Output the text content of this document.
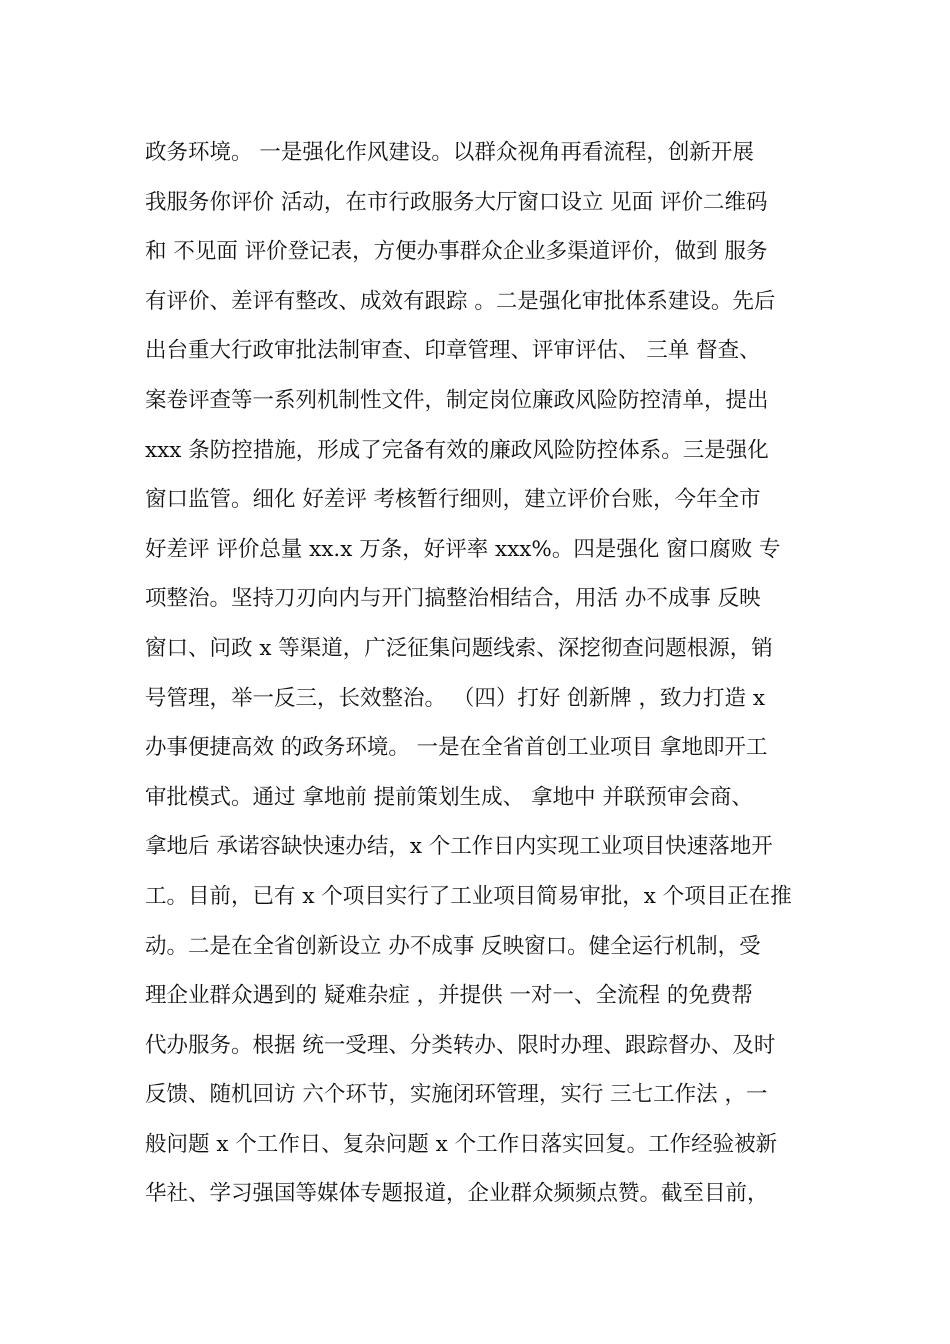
政务环境。 一是强化作风建设。以群众视角再看流程，创新开展
我服务你评价 活动，在市行政服务大厅窗口设立 见面 评价二维码
和 不见面 评价登记表，方便办事群众企业多渠道评价，做到 服务
有评价、差评有整改、成效有跟踪 。二是强化审批体系建设。先后
出台重大行政审批法制审查、印章管理、评审评估、 三单 督查、
案卷评查等一系列机制性文件，制定岗位廉政风险防控清单，提出
xxx 条防控措施，形成了完备有效的廉政风险防控体系。三是强化
窗口监管。细化 好差评 考核暂行细则，建立评价台账，今年全市
好差评 评价总量 xx.x 万条，好评率 xxx%。四是强化 窗口腐败 专
项整治。坚持刀刃向内与开门搞整治相结合，用活 办不成事 反映
窗口、问政 x 等渠道，广泛征集问题线索、深挖彻查问题根源，销
号管理，举一反三，长效整治。 （四）打好 创新牌 ，致力打造 x
办事便捷高效 的政务环境。 一是在全省首创工业项目 拿地即开工
审批模式。通过 拿地前 提前策划生成、 拿地中 并联预审会商、
拿地后 承诺容缺快速办结，x 个工作日内实现工业项目快速落地开
工。目前，已有 x 个项目实行了工业项目简易审批，x 个项目正在推
动。二是在全省创新设立 办不成事 反映窗口。健全运行机制，受
理企业群众遇到的 疑难杂症 ，并提供 一对一、全流程 的免费帮
代办服务。根据 统一受理、分类转办、限时办理、跟踪督办、及时
反馈、随机回访 六个环节，实施闭环管理，实行 三七工作法 ，一
般问题 x 个工作日、复杂问题 x 个工作日落实回复。工作经验被新
华社、学习强国等媒体专题报道，企业群众频频点赞。截至目前，
